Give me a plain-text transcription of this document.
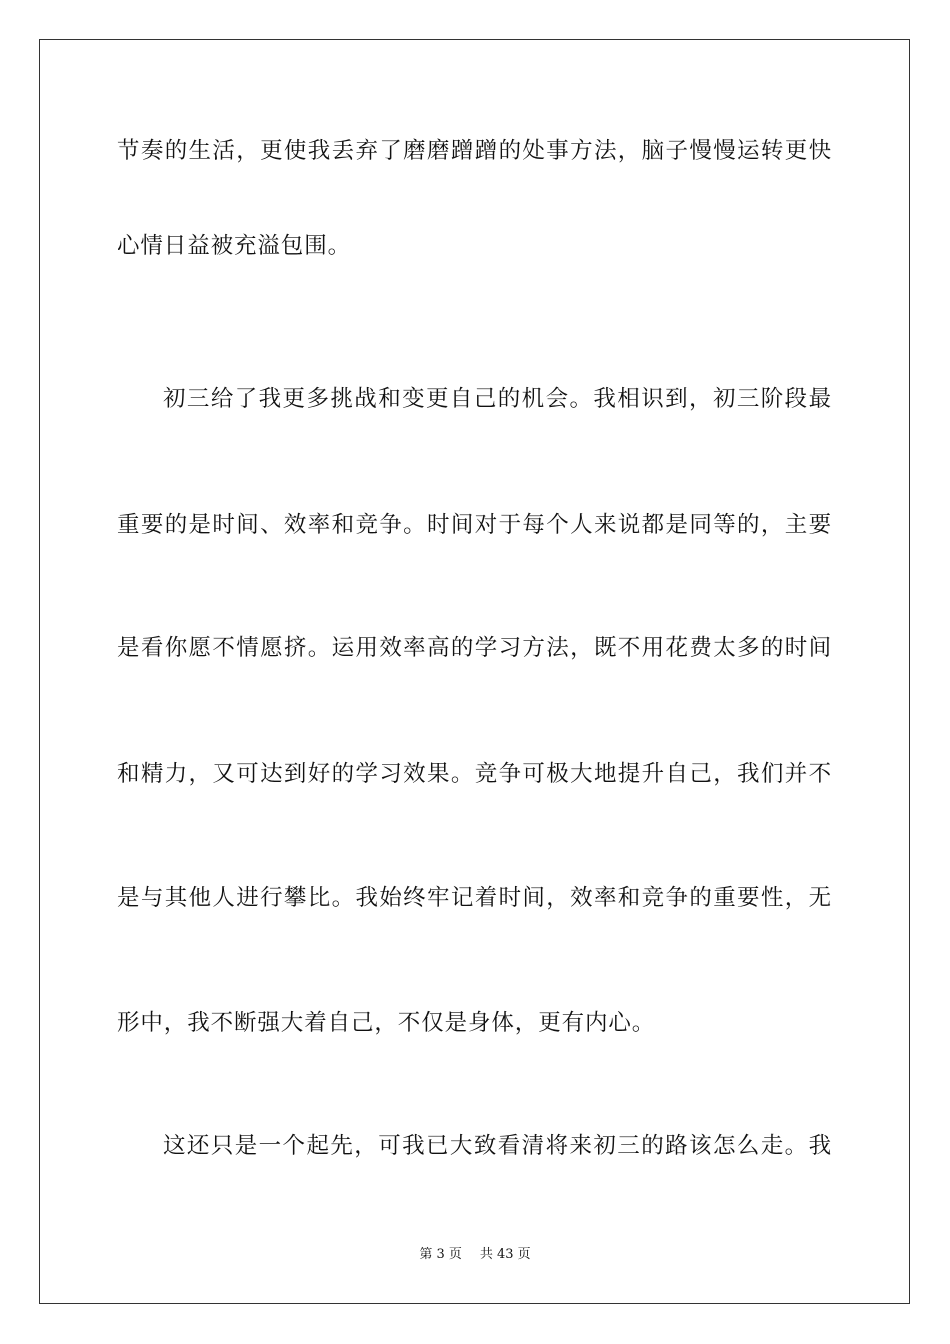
节奏的生活，更使我丢弃了磨磨蹭蹭的处事方法，脑子慢慢运转更快
心情日益被充溢包围。
初三给了我更多挑战和变更自己的机会。我相识到，初三阶段最
重要的是时间、效率和竞争。时间对于每个人来说都是同等的，主要
是看你愿不情愿挤。运用效率高的学习方法，既不用花费太多的时间
和精力，又可达到好的学习效果。竞争可极大地提升自己，我们并不
是与其他人进行攀比。我始终牢记着时间，效率和竞争的重要性，无
形中，我不断强大着自己，不仅是身体，更有内心。
这还只是一个起先，可我已大致看清将来初三的路该怎么走。我
第 3 页 共 43 页
